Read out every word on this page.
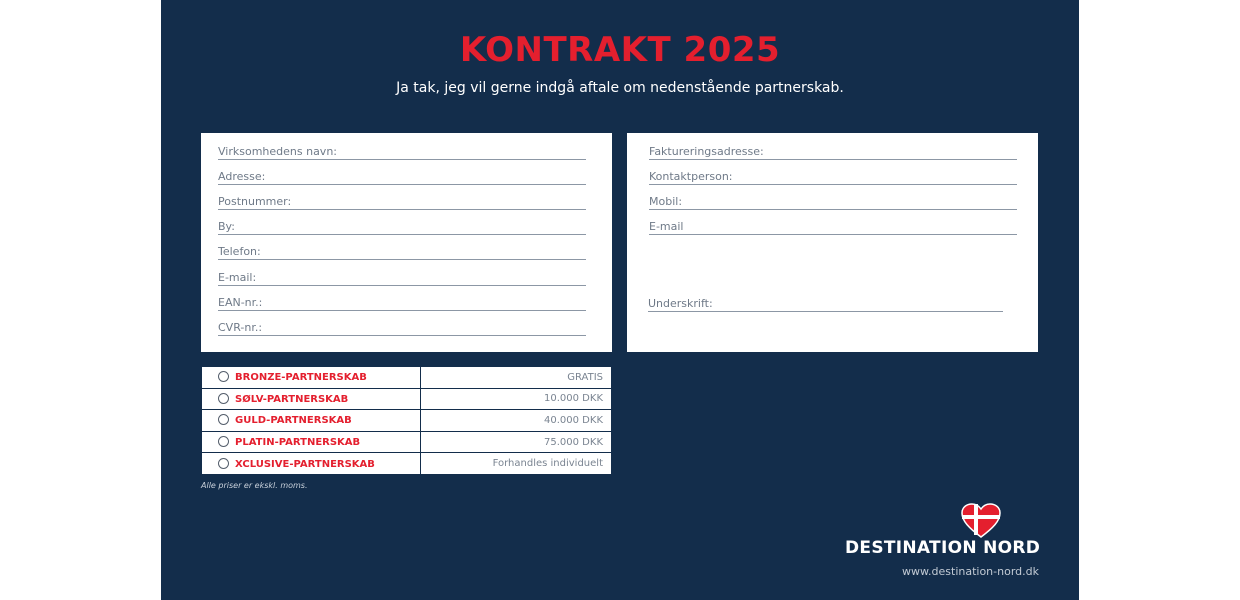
KONTRAKT 2025
Ja tak, jeg vil gerne indgå aftale om nedenstående partnerskab.
Virksomhedens navn:
Adresse:
Postnummer:
By:
Telefon:
E-mail:
EAN-nr.:
CVR-nr.:
Faktureringsadresse:
Kontaktperson:
Mobil:
E-mail
Underskrift:
BRONZE-PARTNERSKAB	GRATIS
SØLV-PARTNERSKAB	10.000 DKK
GULD-PARTNERSKAB	40.000 DKK
PLATIN-PARTNERSKAB	75.000 DKK
XCLUSIVE-PARTNERSKAB	Forhandles individuelt
Alle priser er ekskl. moms.
DESTINATION NORD
www.destination-nord.dk
